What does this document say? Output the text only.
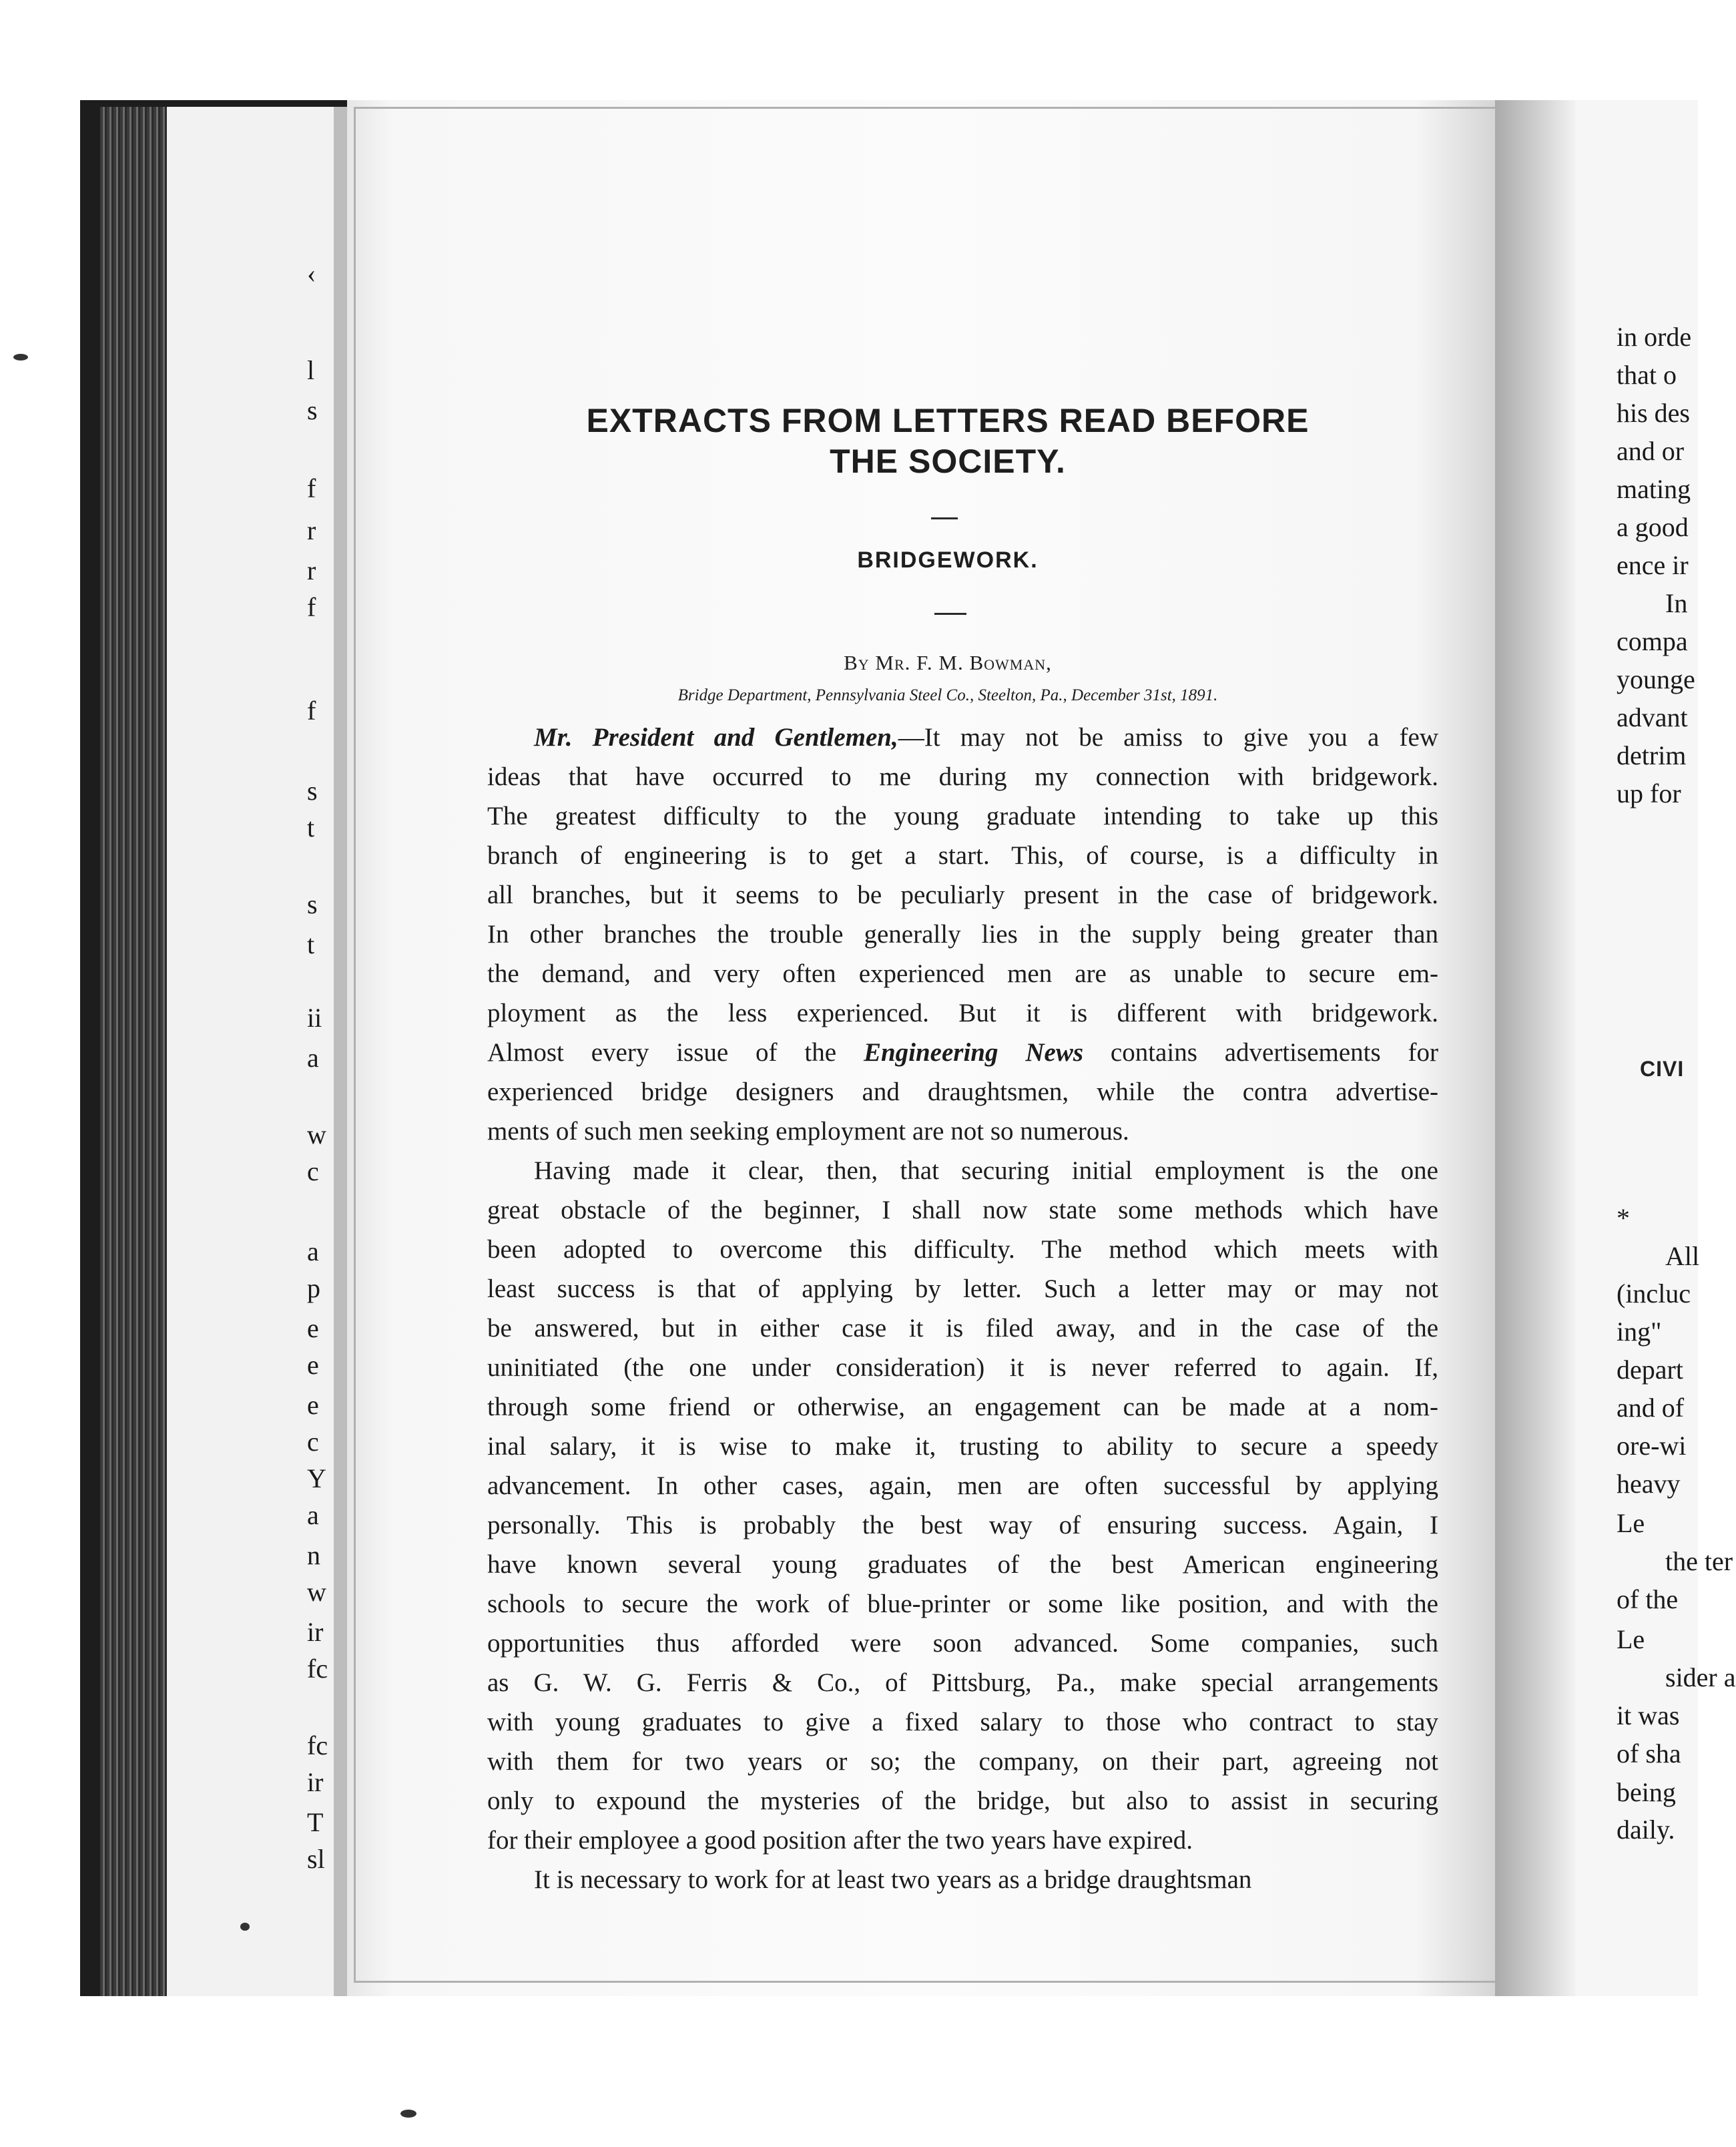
‹
l
s
f
r
r
f
f
s
t
s
t
ii
a
w
c
a
p
e
e
e
c
Y
a
n
w
ir
fc
fc
ir
T
sl
EXTRACTS FROM LETTERS READ BEFORE
THE SOCIETY.
BRIDGEWORK.
By Mr. F. M. Bowman,
Bridge Department, Pennsylvania Steel Co., Steelton, Pa., December 31st, 1891.
Mr. President and Gentlemen,—It may not be amiss to give you a few
ideas that have occurred to me during my connection with bridgework.
The greatest difficulty to the young graduate intending to take up this
branch of engineering is to get a start. This, of course, is a difficulty in
all branches, but it seems to be peculiarly present in the case of bridgework.
In other branches the trouble generally lies in the supply being greater than
the demand, and very often experienced men are as unable to secure em-
ployment as the less experienced. But it is different with bridgework.
Almost every issue of the Engineering News contains advertisements for
experienced bridge designers and draughtsmen, while the contra advertise-
ments of such men seeking employment are not so numerous.
Having made it clear, then, that securing initial employment is the one
great obstacle of the beginner, I shall now state some methods which have
been adopted to overcome this difficulty. The method which meets with
least success is that of applying by letter. Such a letter may or may not
be answered, but in either case it is filed away, and in the case of the
uninitiated (the one under consideration) it is never referred to again. If,
through some friend or otherwise, an engagement can be made at a nom-
inal salary, it is wise to make it, trusting to ability to secure a speedy
advancement. In other cases, again, men are often successful by applying
personally. This is probably the best way of ensuring success. Again, I
have known several young graduates of the best American engineering
schools to secure the work of blue-printer or some like position, and with the
opportunities thus afforded were soon advanced. Some companies, such
as G. W. G. Ferris & Co., of Pittsburg, Pa., make special arrangements
with young graduates to give a fixed salary to those who contract to stay
with them for two years or so; the company, on their part, agreeing not
only to expound the mysteries of the bridge, but also to assist in securing
for their employee a good position after the two years have expired.
It is necessary to work for at least two years as a bridge draughtsman
in orde
that o
his des
and or
mating
a good
ence ir
In
compa
younge
advant
detrim
up for
CIVI
*
All
(incluc
ing"
depart
and of
ore-wi
heavy
Le
the ter
of the
Le
sider a
it was
of sha
being
daily.
